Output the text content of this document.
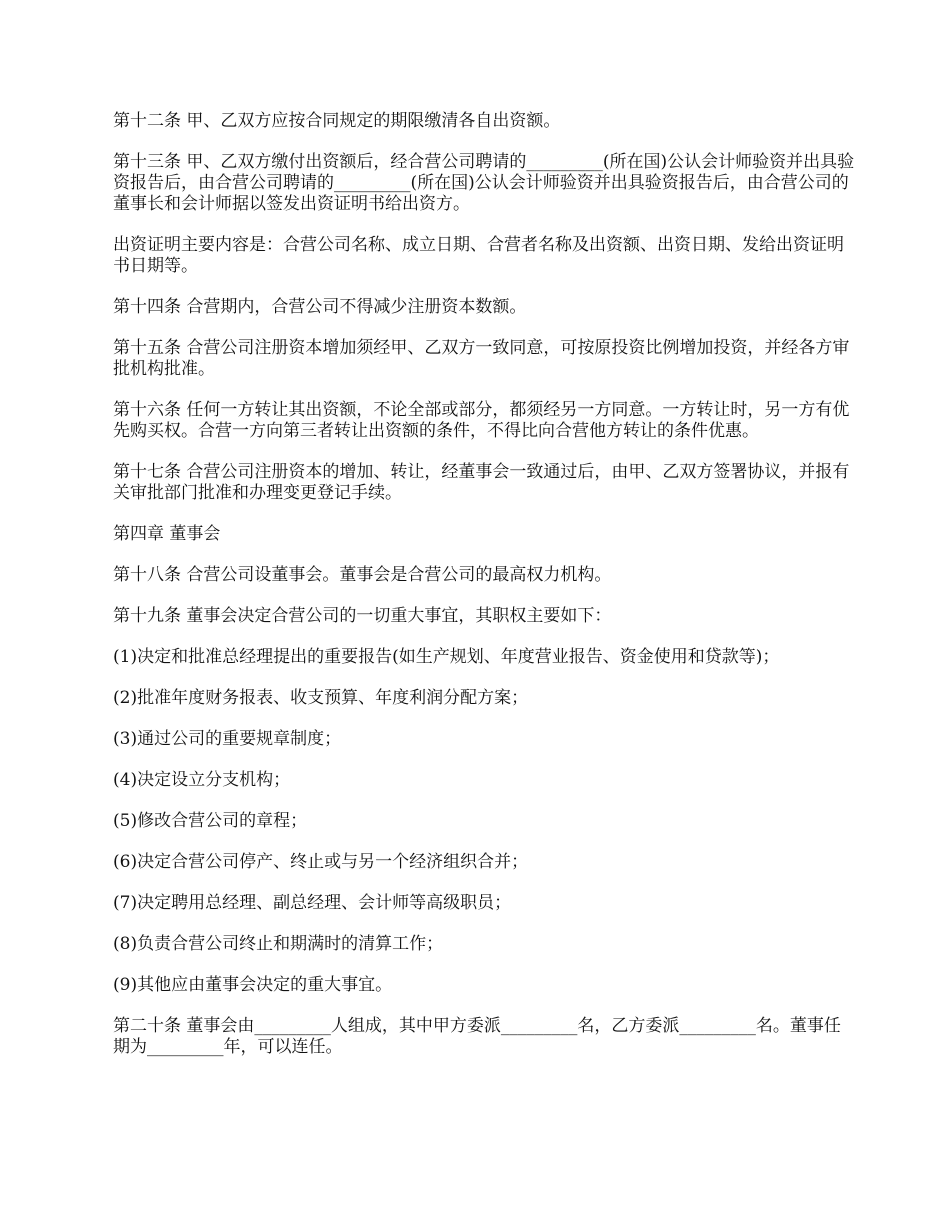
第十二条 甲、乙双方应按合同规定的期限缴清各自出资额。

第十三条 甲、乙双方缴付出资额后，经合营公司聘请的_________(所在国)公认会计师验资并出具验资报告后，由合营公司聘请的_________(所在国)公认会计师验资并出具验资报告后，由合营公司的董事长和会计师据以签发出资证明书给出资方。

出资证明主要内容是：合营公司名称、成立日期、合营者名称及出资额、出资日期、发给出资证明书日期等。

第十四条 合营期内，合营公司不得减少注册资本数额。

第十五条 合营公司注册资本增加须经甲、乙双方一致同意，可按原投资比例增加投资，并经各方审批机构批准。

第十六条 任何一方转让其出资额，不论全部或部分，都须经另一方同意。一方转让时，另一方有优先购买权。合营一方向第三者转让出资额的条件，不得比向合营他方转让的条件优惠。

第十七条 合营公司注册资本的增加、转让，经董事会一致通过后，由甲、乙双方签署协议，并报有关审批部门批准和办理变更登记手续。

第四章 董事会

第十八条 合营公司设董事会。董事会是合营公司的最高权力机构。

第十九条 董事会决定合营公司的一切重大事宜，其职权主要如下：

(1)决定和批准总经理提出的重要报告(如生产规划、年度营业报告、资金使用和贷款等)；

(2)批准年度财务报表、收支预算、年度利润分配方案；

(3)通过公司的重要规章制度；

(4)决定设立分支机构；

(5)修改合营公司的章程；

(6)决定合营公司停产、终止或与另一个经济组织合并；

(7)决定聘用总经理、副总经理、会计师等高级职员；

(8)负责合营公司终止和期满时的清算工作；

(9)其他应由董事会决定的重大事宜。

第二十条 董事会由_________人组成，其中甲方委派_________名，乙方委派_________名。董事任期为_________年，可以连任。
